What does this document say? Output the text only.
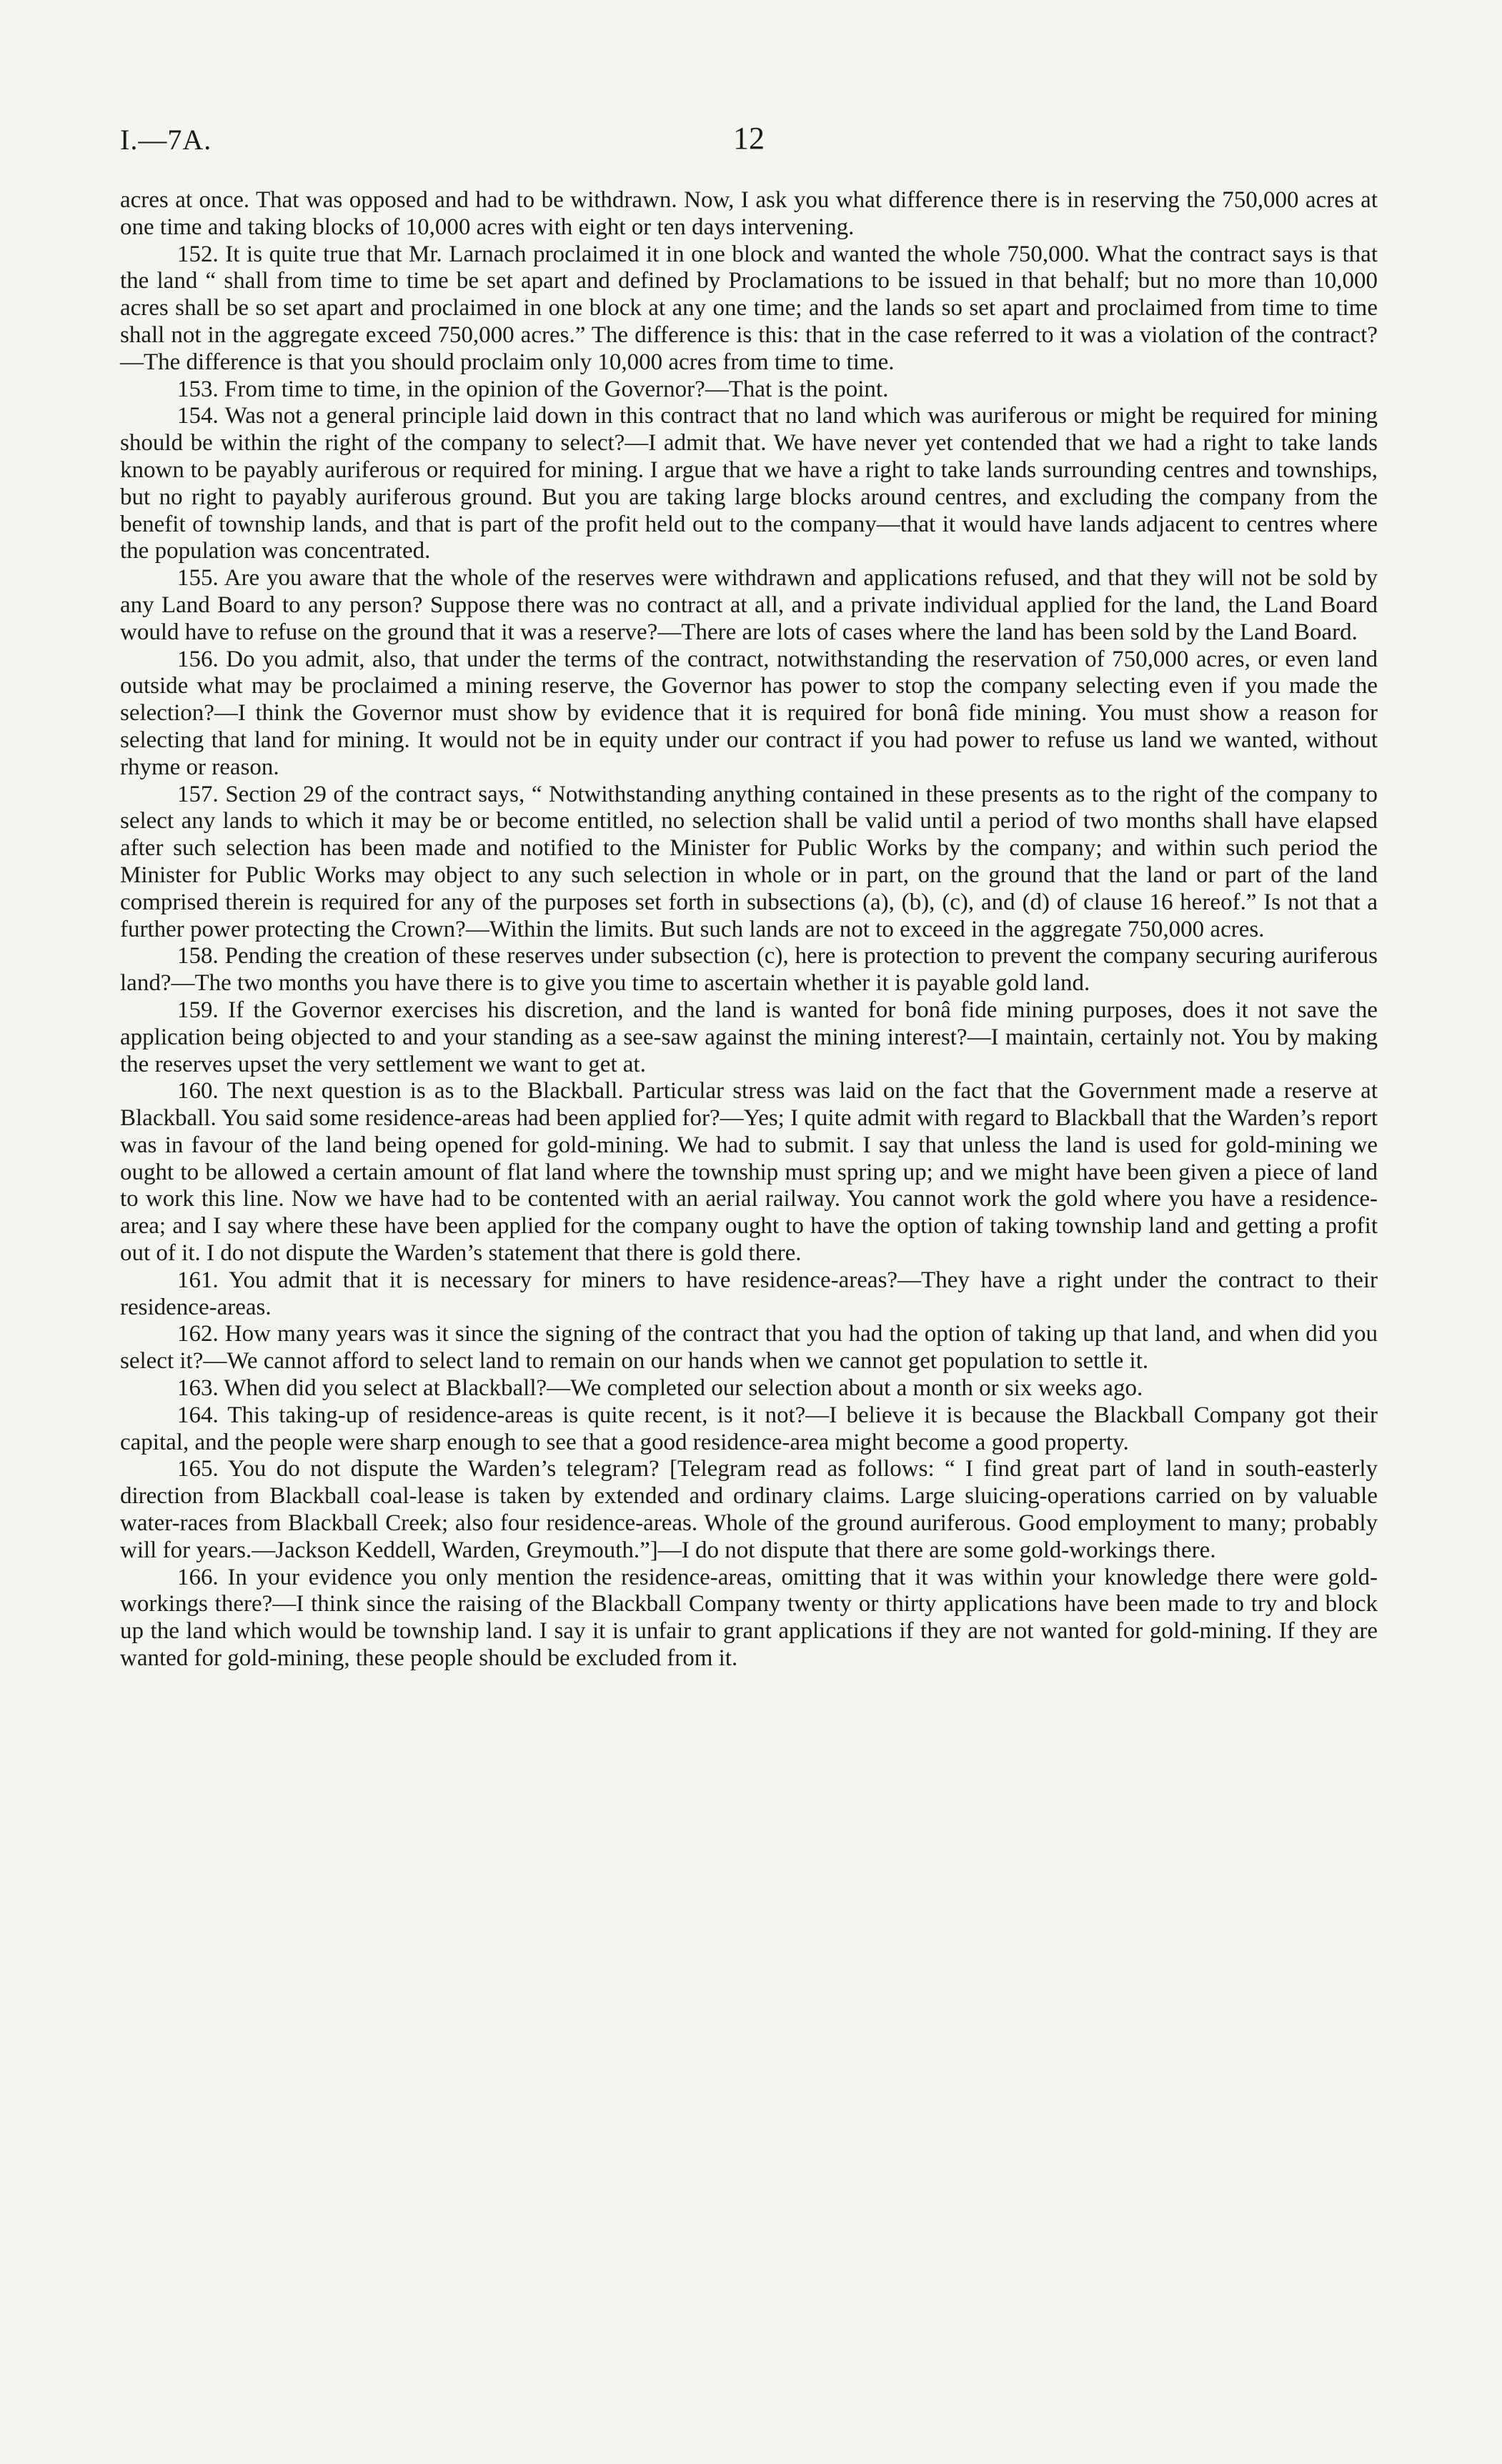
I.—7A.	12

acres at once. That was opposed and had to be withdrawn. Now, I ask you what difference there is in reserving the 750,000 acres at one time and taking blocks of 10,000 acres with eight or ten days intervening.

152. It is quite true that Mr. Larnach proclaimed it in one block and wanted the whole 750,000. What the contract says is that the land “ shall from time to time be set apart and defined by Proclamations to be issued in that behalf; but no more than 10,000 acres shall be so set apart and proclaimed in one block at any one time; and the lands so set apart and proclaimed from time to time shall not in the aggregate exceed 750,000 acres.” The difference is this: that in the case referred to it was a violation of the contract?—The difference is that you should proclaim only 10,000 acres from time to time.

153. From time to time, in the opinion of the Governor?—That is the point.

154. Was not a general principle laid down in this contract that no land which was auriferous or might be required for mining should be within the right of the company to select?—I admit that. We have never yet contended that we had a right to take lands known to be payably auriferous or required for mining. I argue that we have a right to take lands surrounding centres and townships, but no right to payably auriferous ground. But you are taking large blocks around centres, and excluding the company from the benefit of township lands, and that is part of the profit held out to the company—that it would have lands adjacent to centres where the population was concentrated.

155. Are you aware that the whole of the reserves were withdrawn and applications refused, and that they will not be sold by any Land Board to any person? Suppose there was no contract at all, and a private individual applied for the land, the Land Board would have to refuse on the ground that it was a reserve?—There are lots of cases where the land has been sold by the Land Board.

156. Do you admit, also, that under the terms of the contract, notwithstanding the reservation of 750,000 acres, or even land outside what may be proclaimed a mining reserve, the Governor has power to stop the company selecting even if you made the selection?—I think the Governor must show by evidence that it is required for bonâ fide mining. You must show a reason for selecting that land for mining. It would not be in equity under our contract if you had power to refuse us land we wanted, without rhyme or reason.

157. Section 29 of the contract says, “ Notwithstanding anything contained in these presents as to the right of the company to select any lands to which it may be or become entitled, no selection shall be valid until a period of two months shall have elapsed after such selection has been made and notified to the Minister for Public Works by the company; and within such period the Minister for Public Works may object to any such selection in whole or in part, on the ground that the land or part of the land comprised therein is required for any of the purposes set forth in subsections (a), (b), (c), and (d) of clause 16 hereof.” Is not that a further power protecting the Crown?—Within the limits. But such lands are not to exceed in the aggregate 750,000 acres.

158. Pending the creation of these reserves under subsection (c), here is protection to prevent the company securing auriferous land?—The two months you have there is to give you time to ascertain whether it is payable gold land.

159. If the Governor exercises his discretion, and the land is wanted for bonâ fide mining purposes, does it not save the application being objected to and your standing as a see-saw against the mining interest?—I maintain, certainly not. You by making the reserves upset the very settlement we want to get at.

160. The next question is as to the Blackball. Particular stress was laid on the fact that the Government made a reserve at Blackball. You said some residence-areas had been applied for?—Yes; I quite admit with regard to Blackball that the Warden’s report was in favour of the land being opened for gold-mining. We had to submit. I say that unless the land is used for gold-mining we ought to be allowed a certain amount of flat land where the township must spring up; and we might have been given a piece of land to work this line. Now we have had to be contented with an aerial railway. You cannot work the gold where you have a residence-area; and I say where these have been applied for the company ought to have the option of taking township land and getting a profit out of it. I do not dispute the Warden’s statement that there is gold there.

161. You admit that it is necessary for miners to have residence-areas?—They have a right under the contract to their residence-areas.

162. How many years was it since the signing of the contract that you had the option of taking up that land, and when did you select it?—We cannot afford to select land to remain on our hands when we cannot get population to settle it.

163. When did you select at Blackball?—We completed our selection about a month or six weeks ago.

164. This taking-up of residence-areas is quite recent, is it not?—I believe it is because the Blackball Company got their capital, and the people were sharp enough to see that a good residence-area might become a good property.

165. You do not dispute the Warden’s telegram? [Telegram read as follows: “ I find great part of land in south-easterly direction from Blackball coal-lease is taken by extended and ordinary claims. Large sluicing-operations carried on by valuable water-races from Blackball Creek; also four residence-areas. Whole of the ground auriferous. Good employment to many; probably will for years.—Jackson Keddell, Warden, Greymouth.”]—I do not dispute that there are some gold-workings there.

166. In your evidence you only mention the residence-areas, omitting that it was within your knowledge there were gold-workings there?—I think since the raising of the Blackball Company twenty or thirty applications have been made to try and block up the land which would be township land. I say it is unfair to grant applications if they are not wanted for gold-mining. If they are wanted for gold-mining, these people should be excluded from it.
